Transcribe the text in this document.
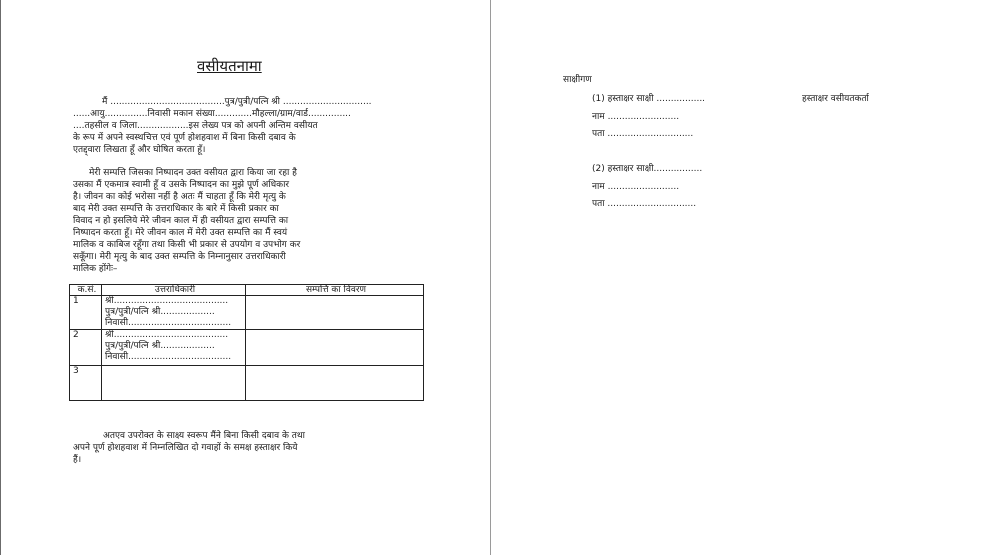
वसीयतनामा
मैं ........................................पुत्र/पुत्री/पत्नि श्री ...............................
......आयु...............निवासी मकान संख्या.............मौहल्ला/ग्राम/वार्ड...............
....तहसील व जिला..................इस लेख्य पत्र को अपनी अन्तिम वसीयत
के रूप में अपने स्वस्थचित्त एवं पूर्ण होशहवाश में बिना किसी दबाव के
एतद्द्वारा लिखता हूँ और घोषित करता हूँ।
मेरी सम्पत्ति जिसका निष्पादन उक्त वसीयत द्वारा किया जा रहा है
उसका मैं एकमात्र स्वामी हूँ व उसके निष्पादन का मुझे पूर्ण अधिकार
है। जीवन का कोई भरोसा नहीं है अतः मैं चाहता हूँ कि मेरी मृत्यु के
बाद मेरी उक्त सम्पत्ति के उत्तराधिकार के बारे में किसी प्रकार का
विवाद न हो इसलिये मेरे जीवन काल में ही वसीयत द्वारा सम्पत्ति का
निष्पादन करता हूँ। मेरे जीवन काल में मेरी उक्त सम्पत्ति का मैं स्वयं
मालिक व काबिज रहूँगा तथा किसी भी प्रकार से उपयोग व उपभोग कर
सकूँगा। मेरी मृत्यु के बाद उक्त सम्पत्ति के निम्नानुसार उत्तराधिकारी
मालिक होंगेः–
क.सं.	उत्तराधिकारी	सम्पत्ति का विवरण
1	श्री........................................
पुत्र/पुत्री/पत्नि श्री...................
निवासी....................................	

2	श्री........................................
पुत्र/पुत्री/पत्नि श्री...................
निवासी....................................	

3		
अतएव उपरोक्त के साक्ष्य स्वरूप मैंने बिना किसी दबाव के तथा
अपने पूर्ण होशहवाश में निम्नलिखित दो गवाहों के समक्ष हस्ताक्षर किये
हैं।
साक्षीगण
(1) हस्ताक्षर साक्षी .................	हस्ताक्षर वसीयतकर्ता
नाम .........................
पता ..............................
(2) हस्ताक्षर साक्षी.................
नाम .........................
पता ...............................
